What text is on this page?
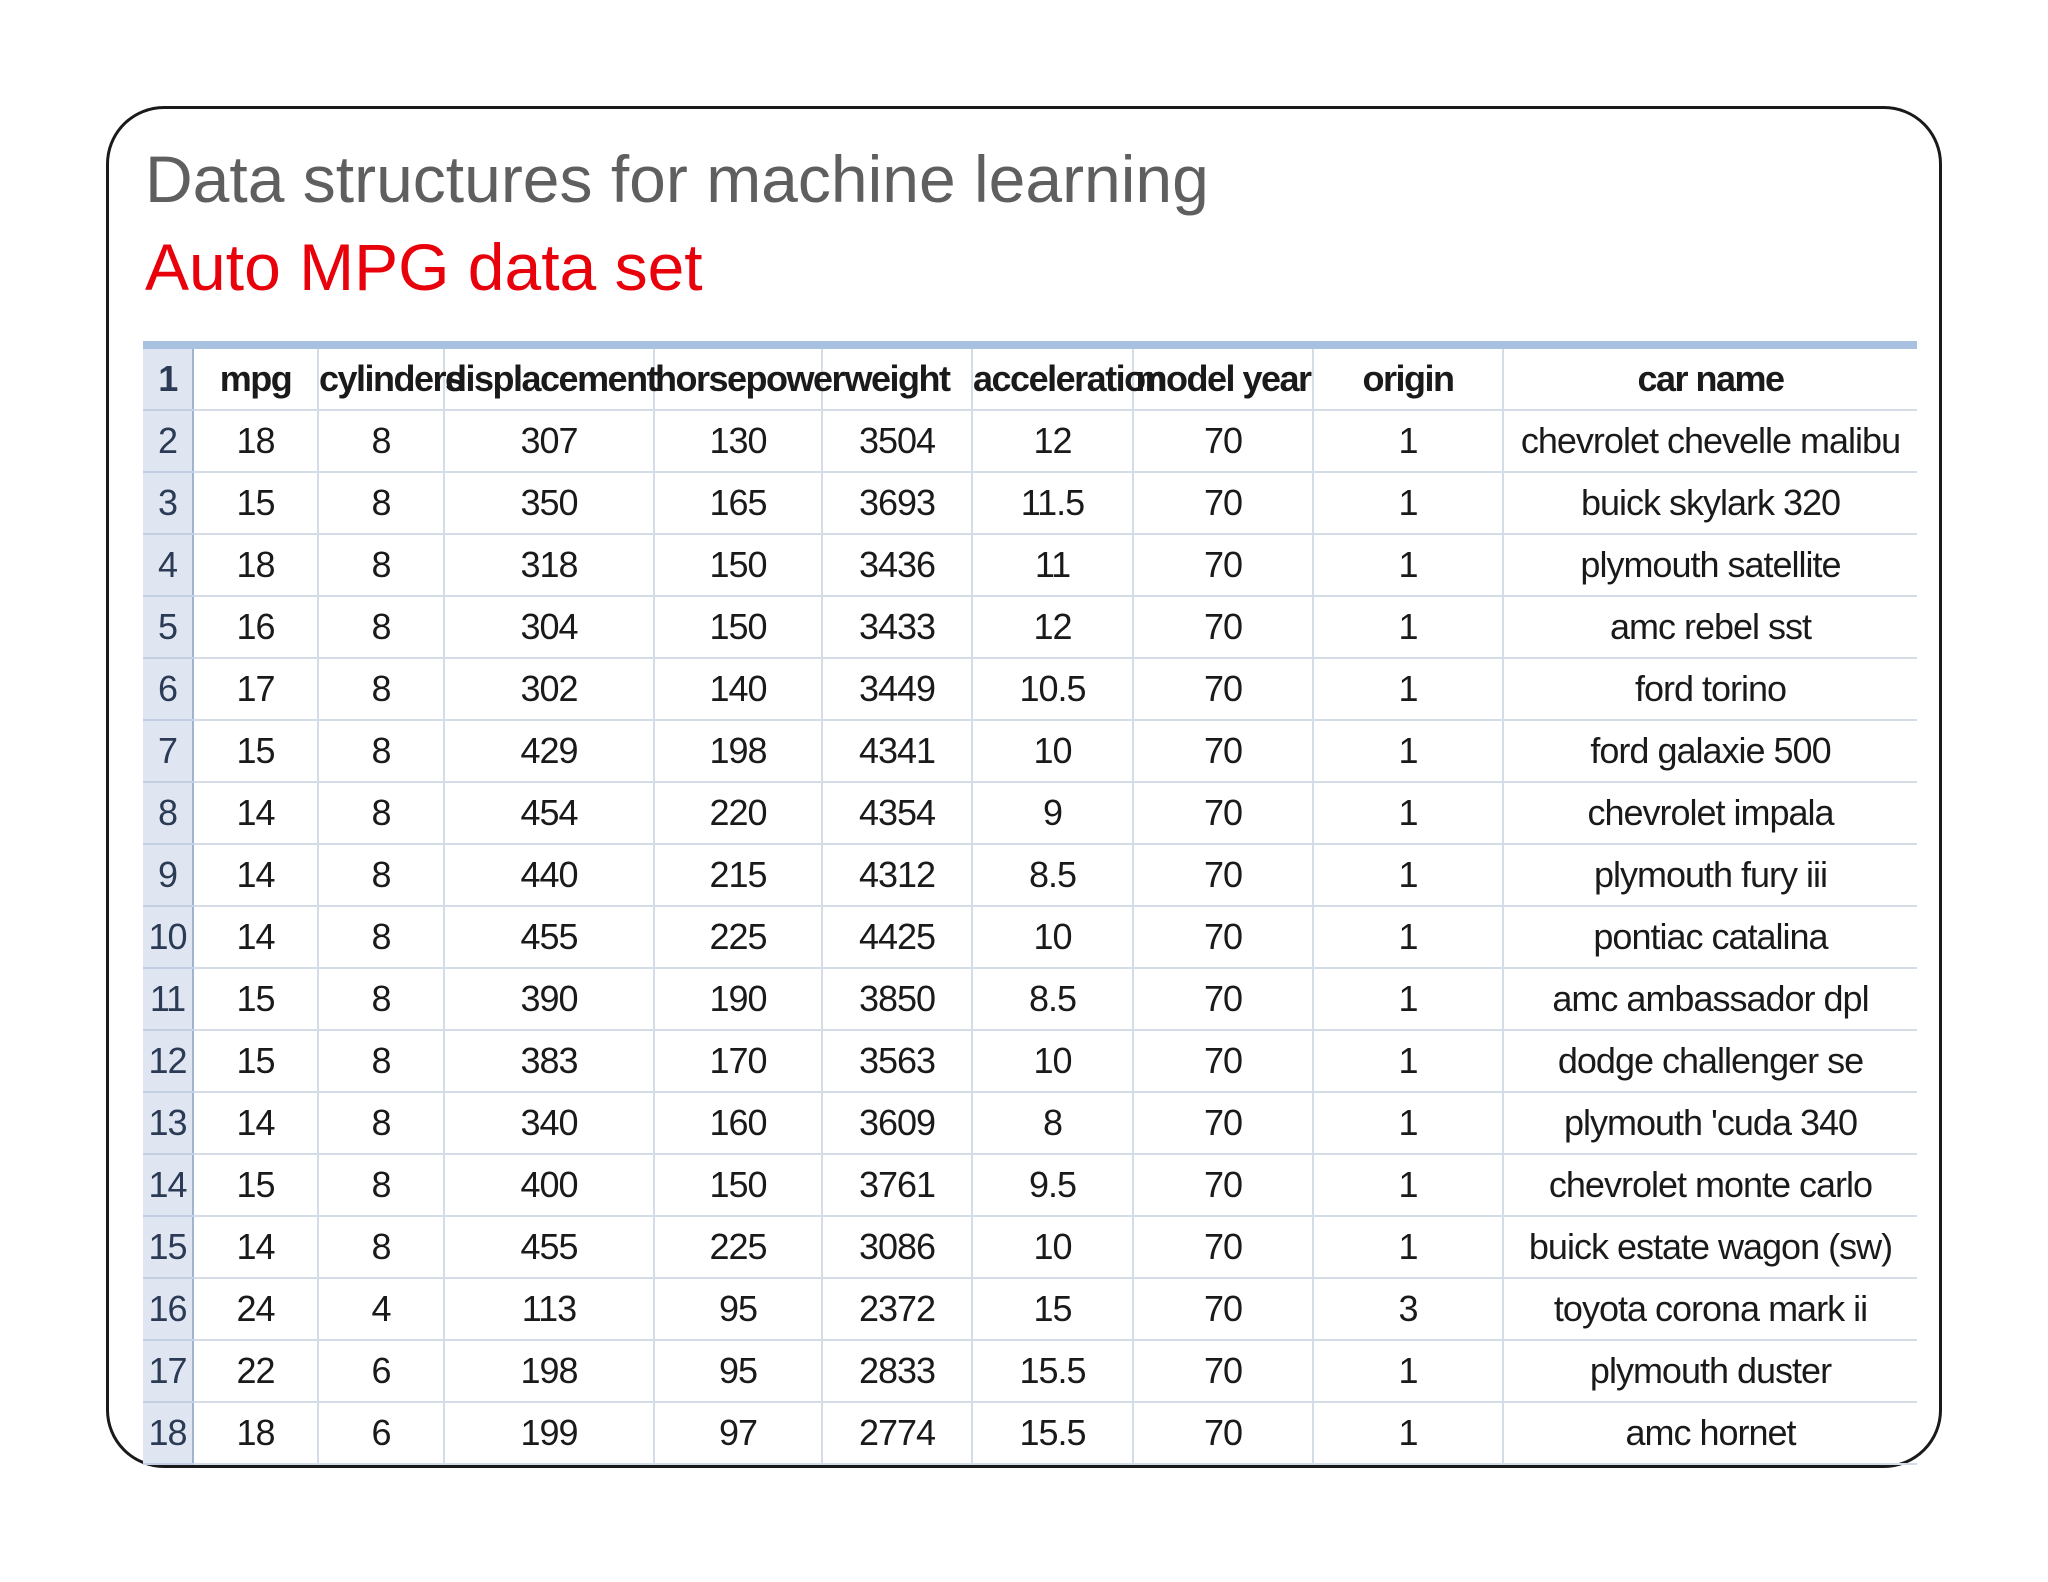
Data structures for machine learning
Auto MPG data set
1	mpg	cylinders	displacement	horsepower	weight	acceleration	model year	origin	car name
2	18	8	307	130	3504	12	70	1	chevrolet chevelle malibu
3	15	8	350	165	3693	11.5	70	1	buick skylark 320
4	18	8	318	150	3436	11	70	1	plymouth satellite
5	16	8	304	150	3433	12	70	1	amc rebel sst
6	17	8	302	140	3449	10.5	70	1	ford torino
7	15	8	429	198	4341	10	70	1	ford galaxie 500
8	14	8	454	220	4354	9	70	1	chevrolet impala
9	14	8	440	215	4312	8.5	70	1	plymouth fury iii
10	14	8	455	225	4425	10	70	1	pontiac catalina
11	15	8	390	190	3850	8.5	70	1	amc ambassador dpl
12	15	8	383	170	3563	10	70	1	dodge challenger se
13	14	8	340	160	3609	8	70	1	plymouth 'cuda 340
14	15	8	400	150	3761	9.5	70	1	chevrolet monte carlo
15	14	8	455	225	3086	10	70	1	buick estate wagon (sw)
16	24	4	113	95	2372	15	70	3	toyota corona mark ii
17	22	6	198	95	2833	15.5	70	1	plymouth duster
18	18	6	199	97	2774	15.5	70	1	amc hornet
